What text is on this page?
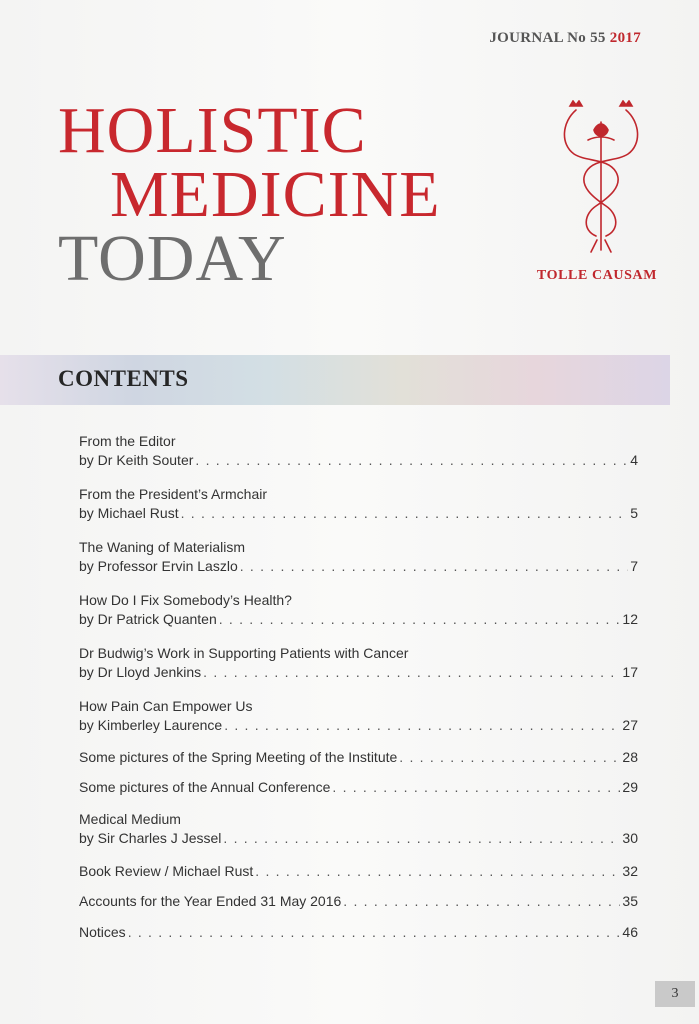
JOURNAL No 55 2017
HOLISTIC
MEDICINE
TODAY	TOLLE CAUSAM
CONTENTS
From the Editor
by Dr Keith Souter . . .	4
From the President’s Armchair
by Michael Rust . . .	5
The Waning of Materialism
by Professor Ervin Laszlo . . .	7
How Do I Fix Somebody’s Health?
by Dr Patrick Quanten . . .	12
Dr Budwig’s Work in Supporting Patients with Cancer
by Dr Lloyd Jenkins . . .	17
How Pain Can Empower Us
by Kimberley Laurence . . .	27
Some pictures of the Spring Meeting of the Institute . . .	28
Some pictures of the Annual Conference . . .	29
Medical Medium
by Sir Charles J Jessel . . .	30
Book Review / Michael Rust . . .	32
Accounts for the Year Ended 31 May 2016 . . .	35
Notices . . .	46
3
